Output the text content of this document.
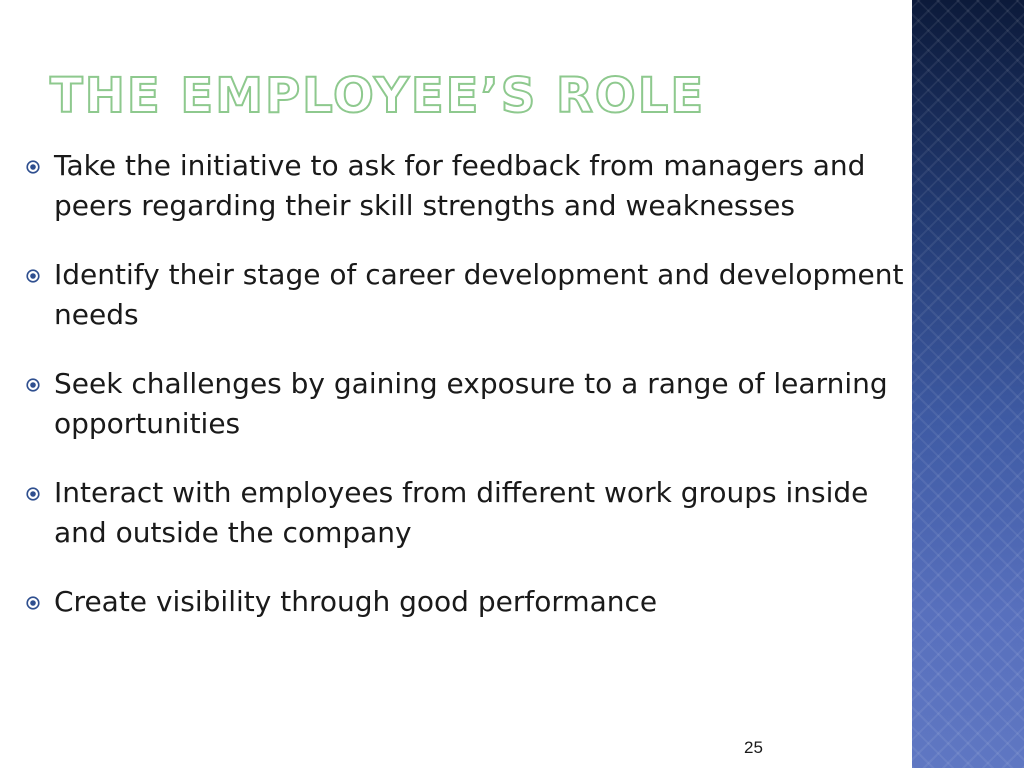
THE EMPLOYEE’S ROLE
Take the initiative to ask for feedback from managers and peers regarding their skill strengths and weaknesses
Identify their stage of career development and development needs
Seek challenges by gaining exposure to a range of learning opportunities
Interact with employees from different work groups inside and outside the company
Create visibility through good performance
25
